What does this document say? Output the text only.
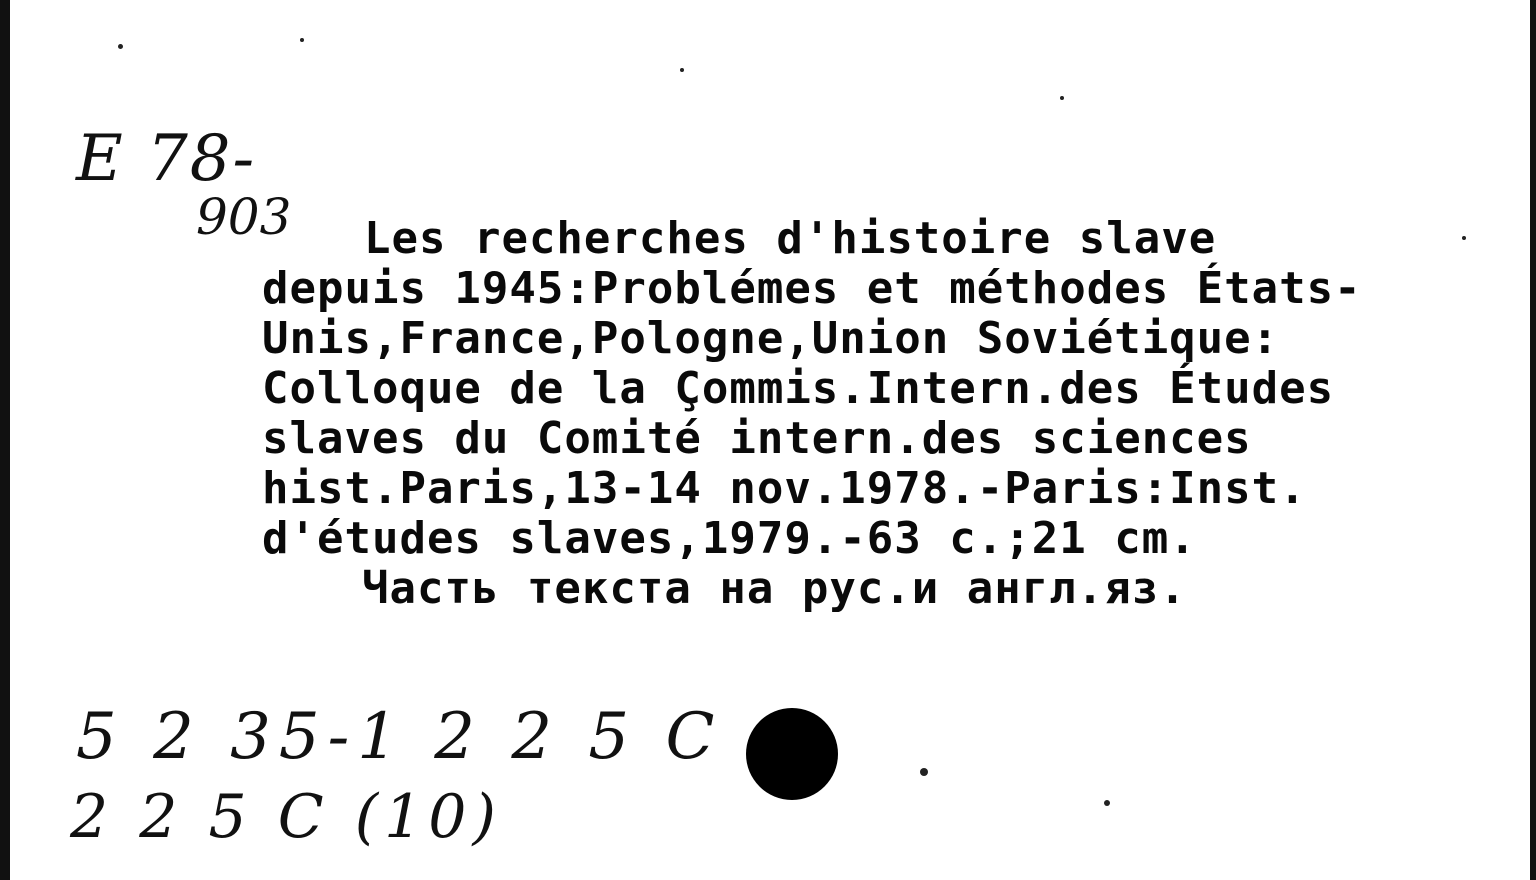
E 78-
903 Les recherches d'histoire slave
depuis 1945:Problémes et méthodes États-
Unis,France,Pologne,Union Soviétique:
Colloque de la Çommis.Intern.des Études
slaves du Comité intern.des sciences
hist.Paris,13-14 nov.1978.-Paris:Inst.
d'études slaves,1979.-63 c.;21 cm.
Часть текста на рус.и англ.яз.
5 2 35-1 2 2 5 C
2 2 5 C (10)
